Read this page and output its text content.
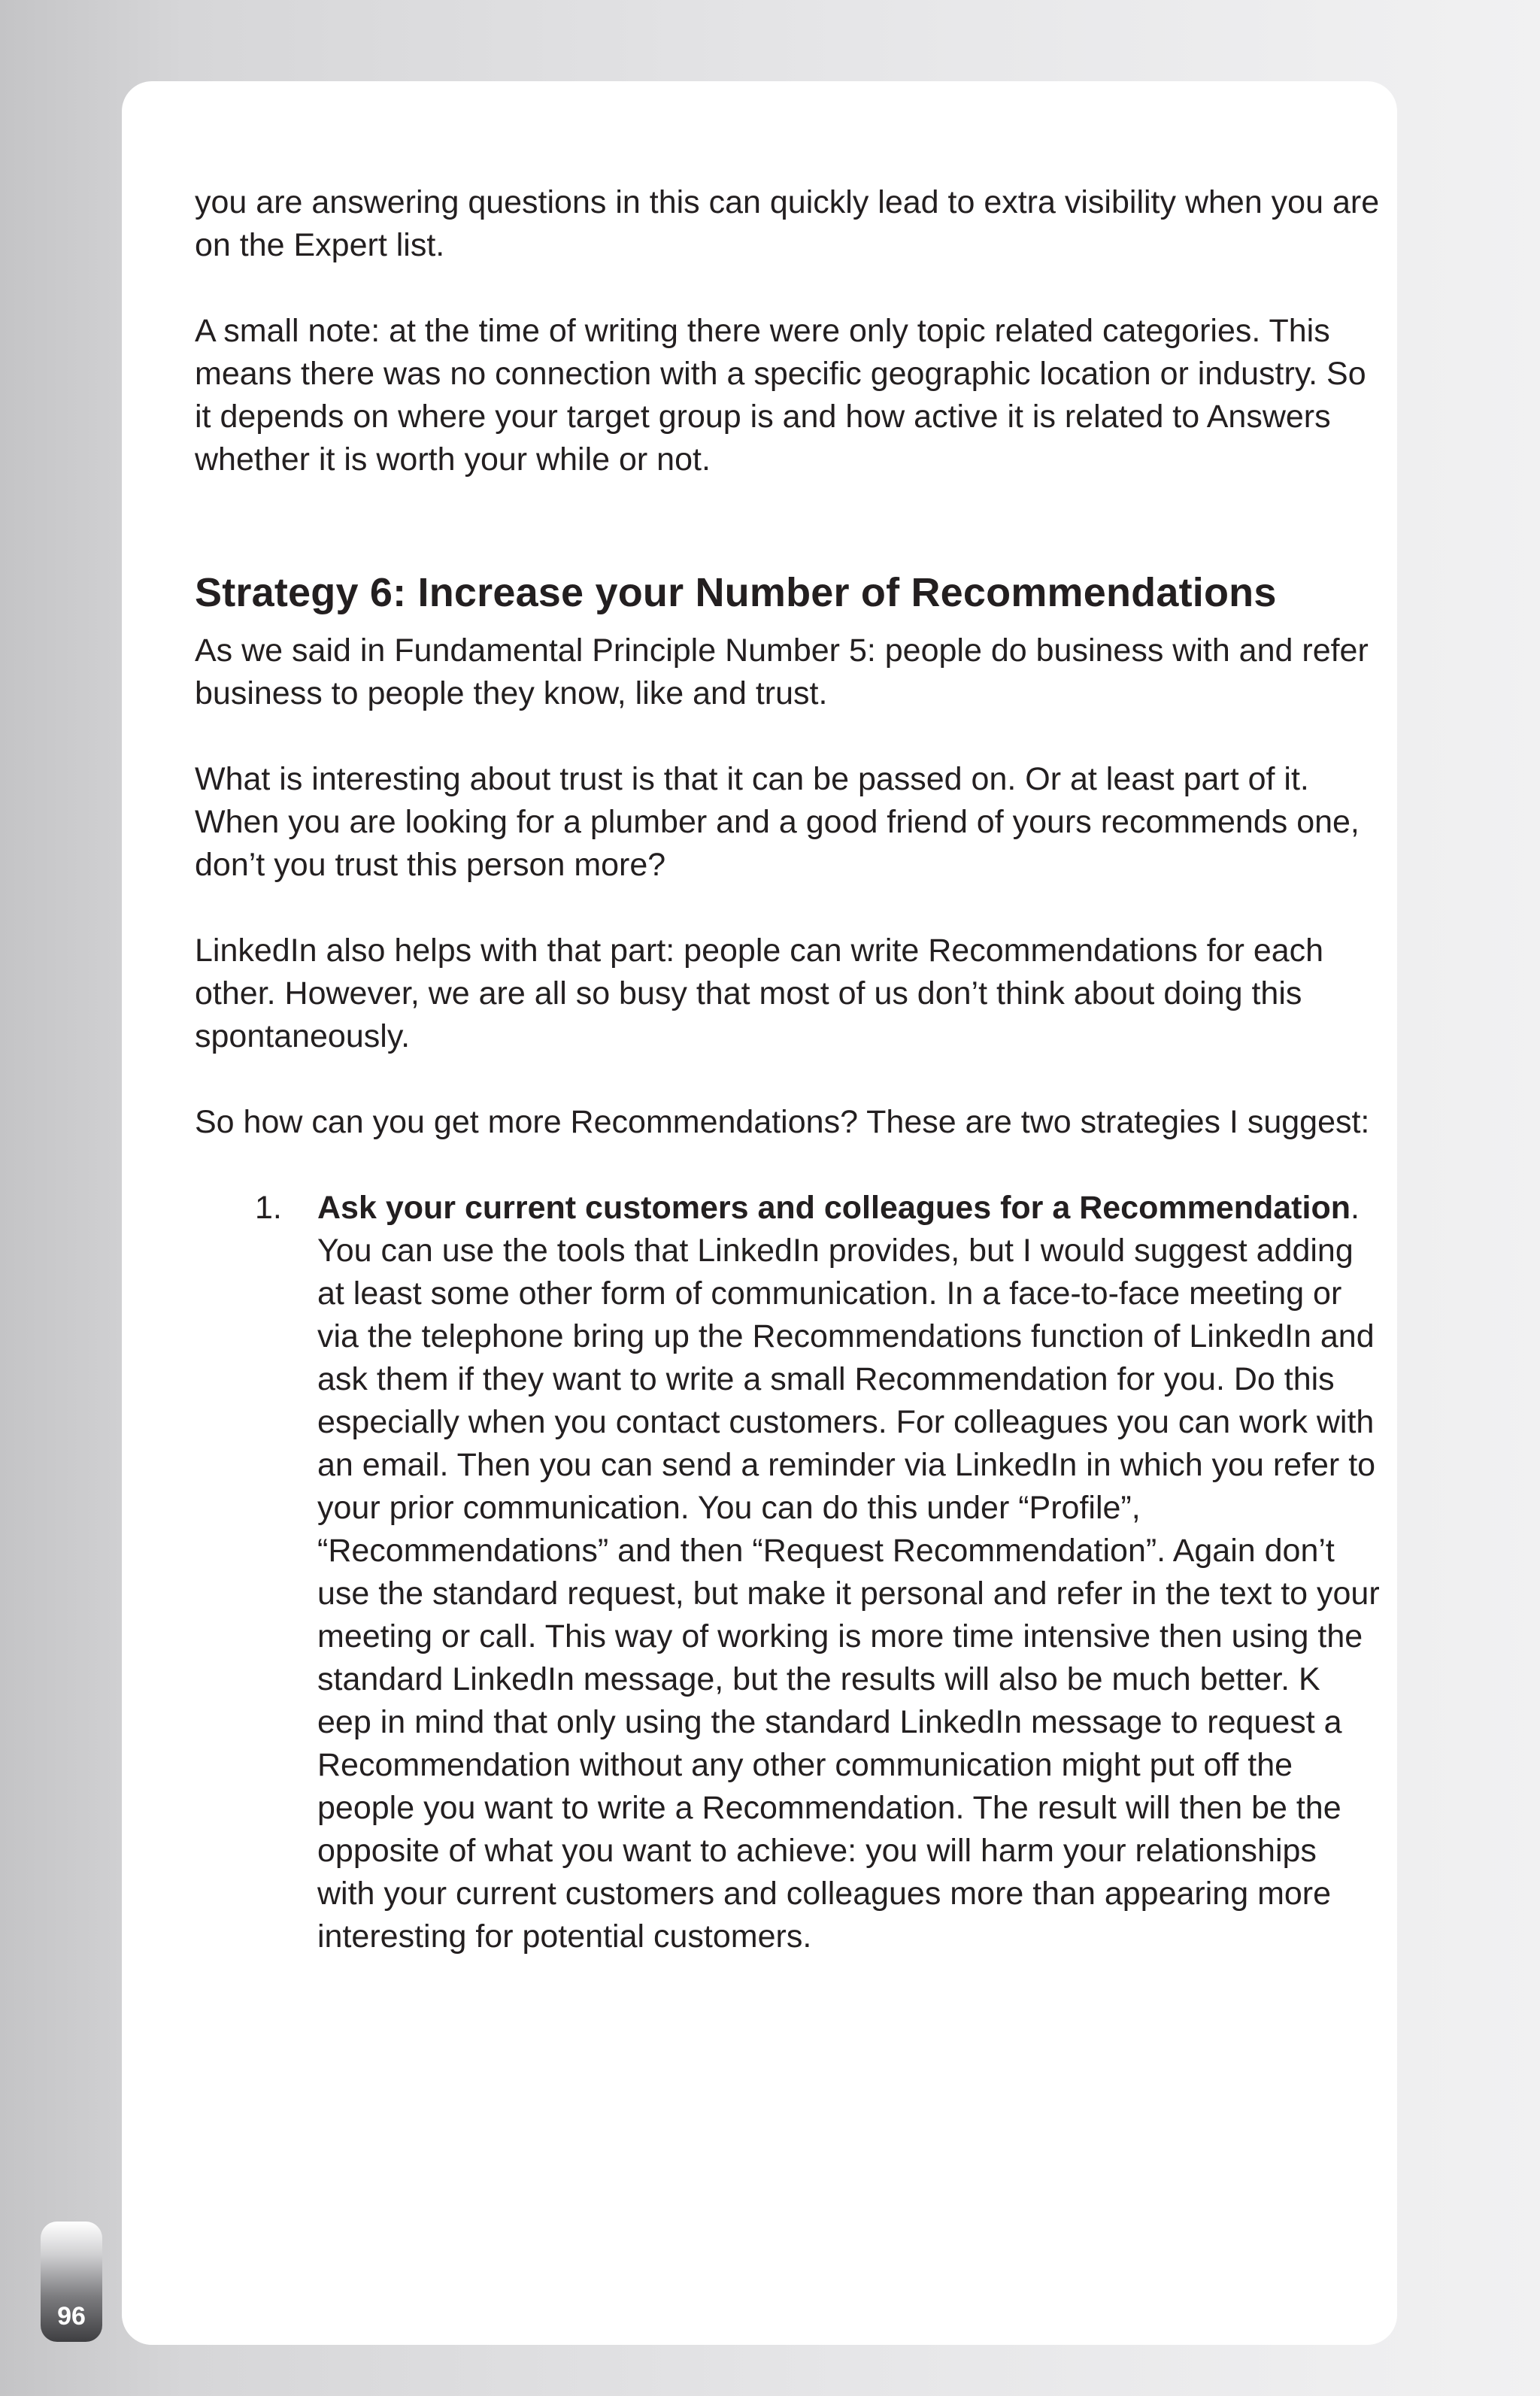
you are answering questions in this can quickly lead to extra visibility when you are on the Expert list.

A small note: at the time of writing there were only topic related categories. This means there was no connection with a specific geographic location or industry. So it depends on where your target group is and how active it is related to Answers whether it is worth your while or not.

Strategy 6: Increase your Number of Recommendations

As we said in Fundamental Principle Number 5: people do business with and refer business to people they know, like and trust.

What is interesting about trust is that it can be passed on. Or at least part of it. When you are looking for a plumber and a good friend of yours recommends one, don’t you trust this person more?

LinkedIn also helps with that part: people can write Recommendations for each other. However, we are all so busy that most of us don’t think about doing this spontaneously.

So how can you get more Recommendations? These are two strategies I suggest:

1. Ask your current customers and colleagues for a Recommendation. You can use the tools that LinkedIn provides, but I would suggest adding at least some other form of communication. In a face-to-face meeting or via the telephone bring up the Recommendations function of LinkedIn and ask them if they want to write a small Recommendation for you. Do this especially when you contact customers. For colleagues you can work with an email. Then you can send a reminder via LinkedIn in which you refer to your prior communication. You can do this under “Profile”, “Recommendations” and then “Request Recommendation”. Again don’t use the standard request, but make it personal and refer in the text to your meeting or call. This way of working is more time intensive then using the standard LinkedIn message, but the results will also be much better. K eep in mind that only using the standard LinkedIn message to request a Recommendation without any other communication might put off the people you want to write a Recommendation. The result will then be the opposite of what you want to achieve: you will harm your relationships with your current customers and colleagues more than appearing more interesting for potential customers.
96
